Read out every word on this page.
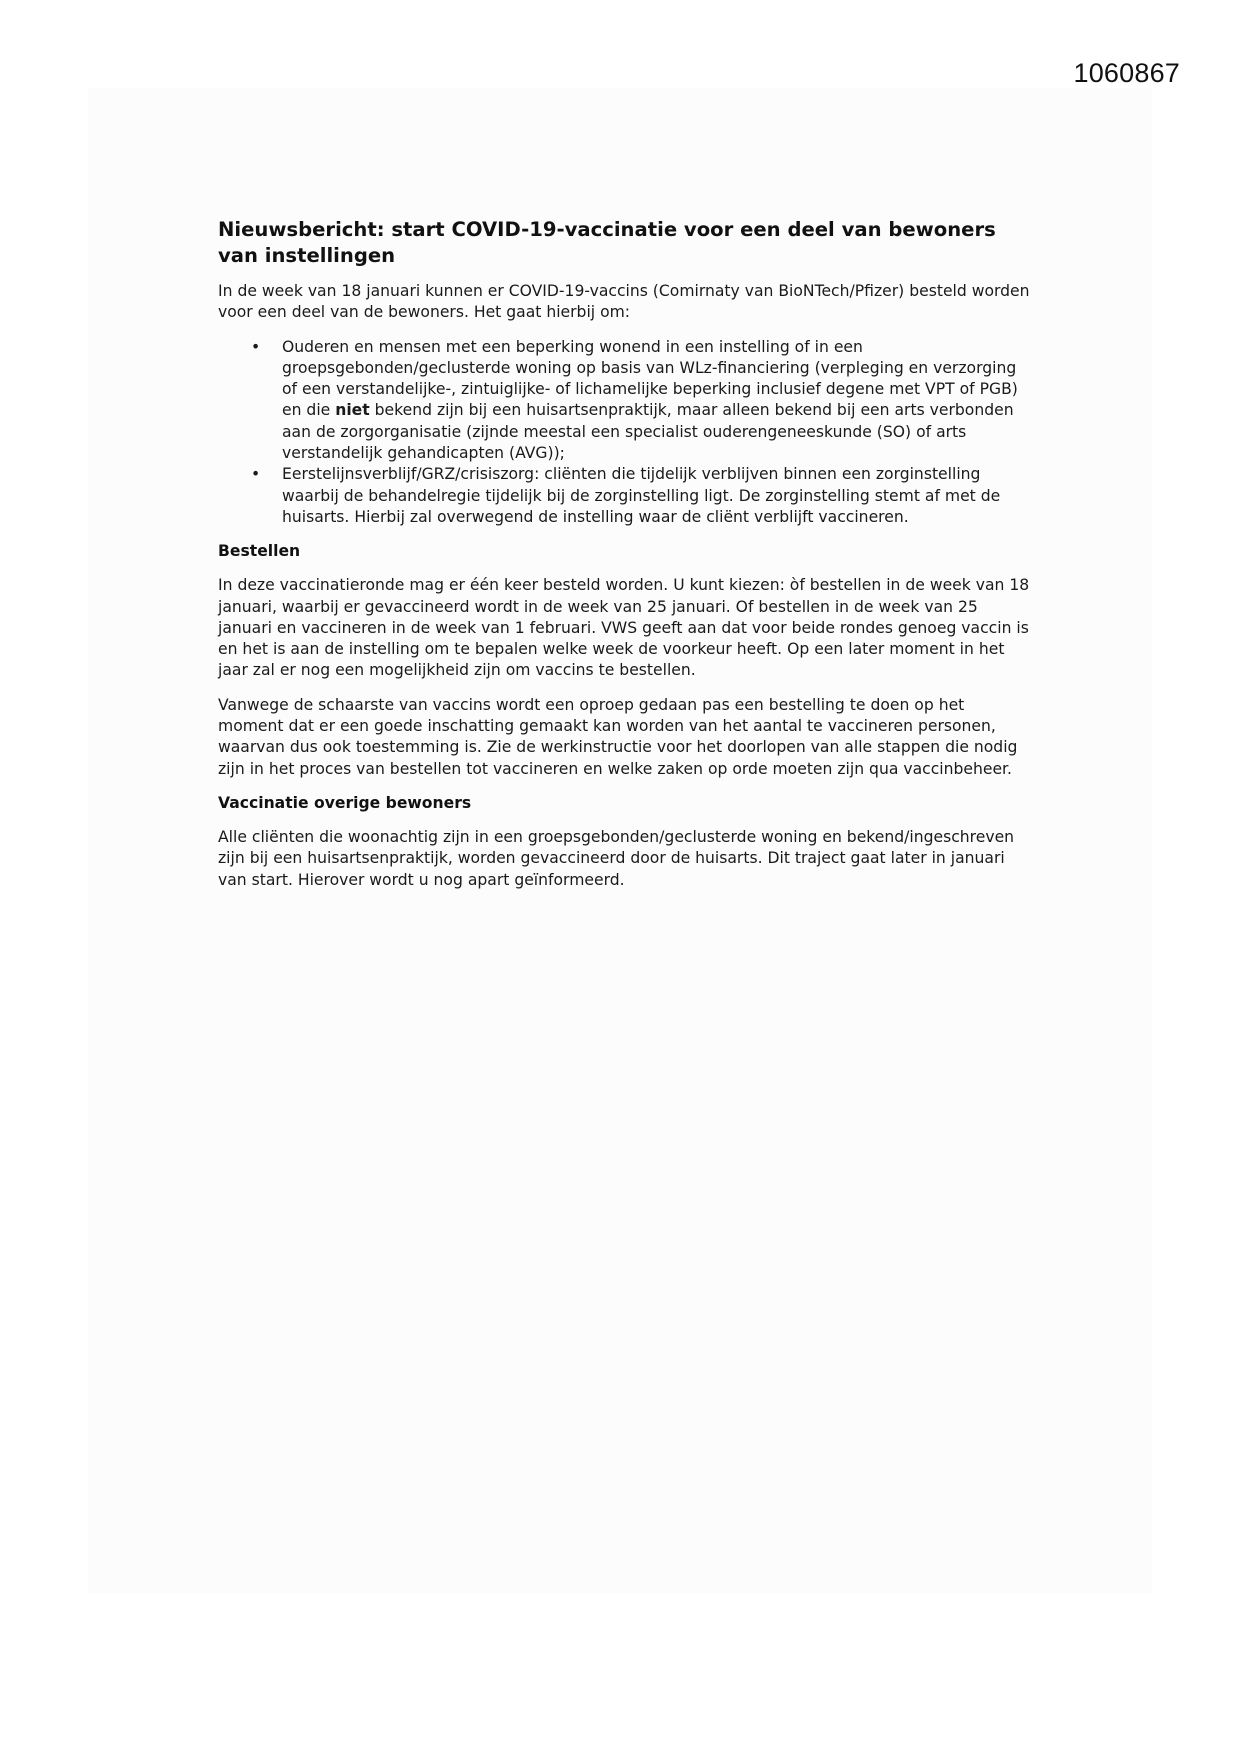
1060867
Nieuwsbericht: start COVID-19-vaccinatie voor een deel van bewoners van instellingen

In de week van 18 januari kunnen er COVID-19-vaccins (Comirnaty van BioNTech/Pfizer) besteld worden voor een deel van de bewoners. Het gaat hierbij om:

• Ouderen en mensen met een beperking wonend in een instelling of in een groepsgebonden/geclusterde woning op basis van WLz-financiering (verpleging en verzorging of een verstandelijke-, zintuiglijke- of lichamelijke beperking inclusief degene met VPT of PGB) en die niet bekend zijn bij een huisartsenpraktijk, maar alleen bekend bij een arts verbonden aan de zorgorganisatie (zijnde meestal een specialist ouderengeneeskunde (SO) of arts verstandelijk gehandicapten (AVG));
• Eerstelijnsverblijf/GRZ/crisiszorg: cliënten die tijdelijk verblijven binnen een zorginstelling waarbij de behandelregie tijdelijk bij de zorginstelling ligt. De zorginstelling stemt af met de huisarts. Hierbij zal overwegend de instelling waar de cliënt verblijft vaccineren.
Bestellen

In deze vaccinatieronde mag er één keer besteld worden. U kunt kiezen: òf bestellen in de week van 18 januari, waarbij er gevaccineerd wordt in de week van 25 januari. Of bestellen in de week van 25 januari en vaccineren in de week van 1 februari. VWS geeft aan dat voor beide rondes genoeg vaccin is en het is aan de instelling om te bepalen welke week de voorkeur heeft. Op een later moment in het jaar zal er nog een mogelijkheid zijn om vaccins te bestellen.

Vanwege de schaarste van vaccins wordt een oproep gedaan pas een bestelling te doen op het moment dat er een goede inschatting gemaakt kan worden van het aantal te vaccineren personen, waarvan dus ook toestemming is. Zie de werkinstructie voor het doorlopen van alle stappen die nodig zijn in het proces van bestellen tot vaccineren en welke zaken op orde moeten zijn qua vaccinbeheer.

Vaccinatie overige bewoners

Alle cliënten die woonachtig zijn in een groepsgebonden/geclusterde woning en bekend/ingeschreven zijn bij een huisartsenpraktijk, worden gevaccineerd door de huisarts. Dit traject gaat later in januari van start. Hierover wordt u nog apart geïnformeerd.
